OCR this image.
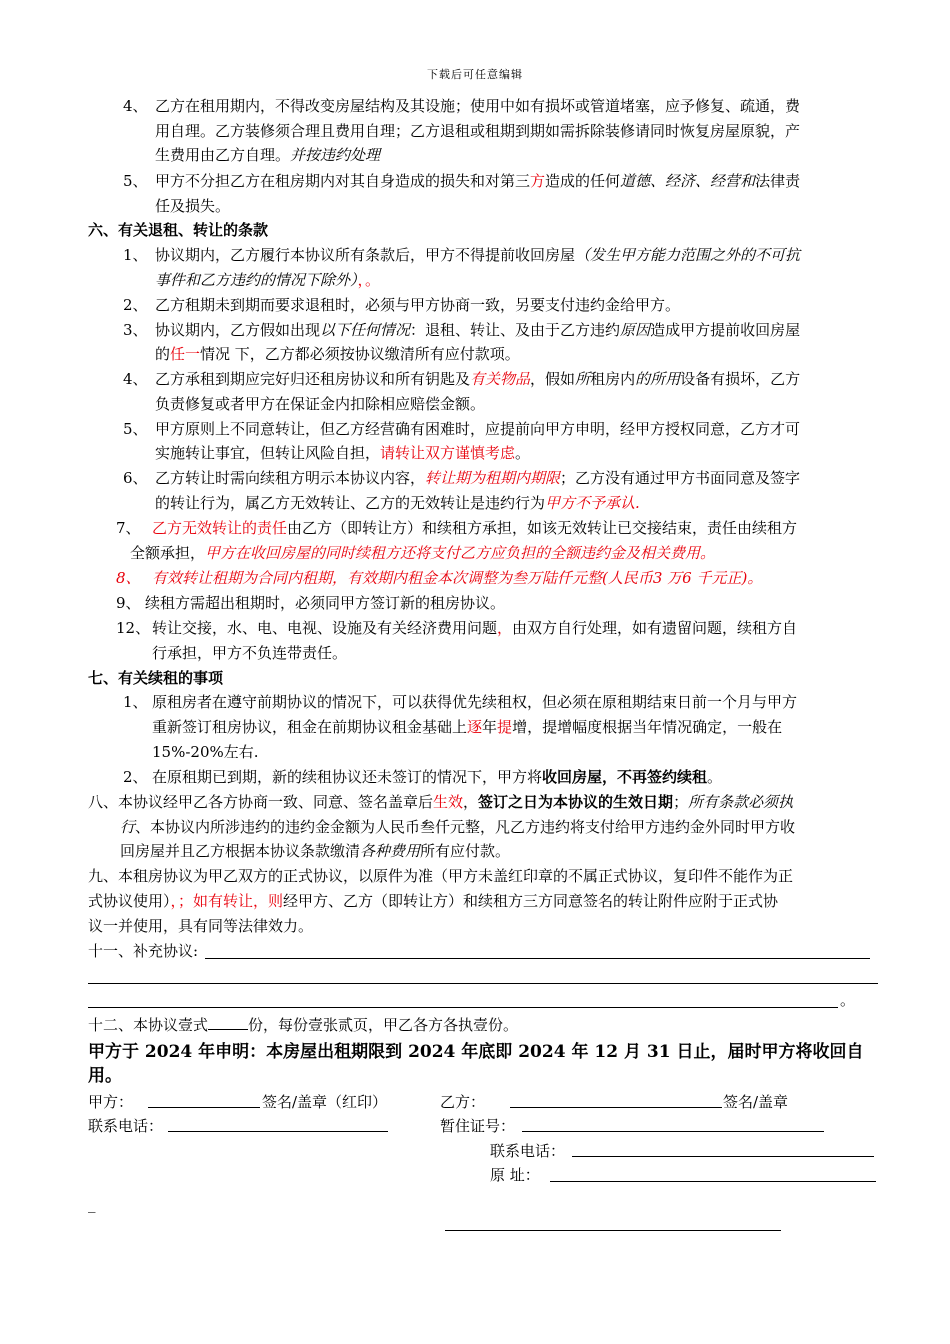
下载后可任意编辑
4、 乙方在租用期内，不得改变房屋结构及其设施；使用中如有损坏或管道堵塞，应予修复、疏通，费
用自理。乙方装修须合理且费用自理；乙方退租或租期到期如需拆除装修请同时恢复房屋原貌，产
生费用由乙方自理。并按违约处理
5、 甲方不分担乙方在租房期内对其自身造成的损失和对第三方造成的任何道德、经济、经营和法律责
任及损失。
六、有关退租、转让的条款
1、 协议期内，乙方履行本协议所有条款后，甲方不得提前收回房屋（发生甲方能力范围之外的不可抗
事件和乙方违约的情况下除外），。
2、 乙方租期未到期而要求退租时，必须与甲方协商一致，另要支付违约金给甲方。
3、 协议期内，乙方假如出现以下任何情况：退租、转让、及由于乙方违约原因造成甲方提前收回房屋
的任一情况 下，乙方都必须按协议缴清所有应付款项。
4、 乙方承租到期应完好归还租房协议和所有钥匙及有关物品，假如所租房内的所用设备有损坏，乙方
负责修复或者甲方在保证金内扣除相应赔偿金额。
5、 甲方原则上不同意转让，但乙方经营确有困难时，应提前向甲方申明，经甲方授权同意，乙方才可
实施转让事宜，但转让风险自担，请转让双方谨慎考虑。
6、 乙方转让时需向续租方明示本协议内容，转让期为租期内期限；乙方没有通过甲方书面同意及签字
的转让行为，属乙方无效转让、乙方的无效转让是违约行为甲方不予承认.
7、 乙方无效转让的责任由乙方（即转让方）和续租方承担，如该无效转让已交接结束，责任由续租方
全额承担，甲方在收回房屋的同时续租方还将支付乙方应负担的全额违约金及相关费用。
8、 有效转让租期为合同内租期，有效期内租金本次调整为叁万陆仟元整(人民币3 万6 千元正)。
9、 续租方需超出租期时，必须同甲方签订新的租房协议。
12、 转让交接，水、电、电视、设施及有关经济费用问题，由双方自行处理，如有遗留问题，续租方自
行承担，甲方不负连带责任。
七、有关续租的事项
1、 原租房者在遵守前期协议的情况下，可以获得优先续租权，但必须在原租期结束日前一个月与甲方
重新签订租房协议，租金在前期协议租金基础上逐年提增，提增幅度根据当年情况确定，一般在
15%-20%左右.
2、 在原租期已到期，新的续租协议还未签订的情况下，甲方将收回房屋，不再签约续租。
八、本协议经甲乙各方协商一致、同意、签名盖章后生效，签订之日为本协议的生效日期；所有条款必须执
行、本协议内所涉违约的违约金金额为人民币叁仟元整，凡乙方违约将支付给甲方违约金外同时甲方收
回房屋并且乙方根据本协议条款缴清各种费用所有应付款。
九、本租房协议为甲乙双方的正式协议，以原件为准（甲方未盖红印章的不属正式协议，复印件不能作为正
式协议使用），；如有转让，则经甲方、乙方（即转让方）和续租方三方同意签名的转让附件应附于正式协
议一并使用，具有同等法律效力。
十一、补充协议:
。
十二、本协议壹式	份，每份壹张贰页，甲乙各方各执壹份。
甲方于 2024 年申明：本房屋出租期限到 2024 年底即 2024 年 12 月 31 日止，届时甲方将收回自
用。
甲方：	签名/盖章（红印）	乙方：	签名/盖章
联系电话：	暂住证号：
联系电话：
原 址：
_
